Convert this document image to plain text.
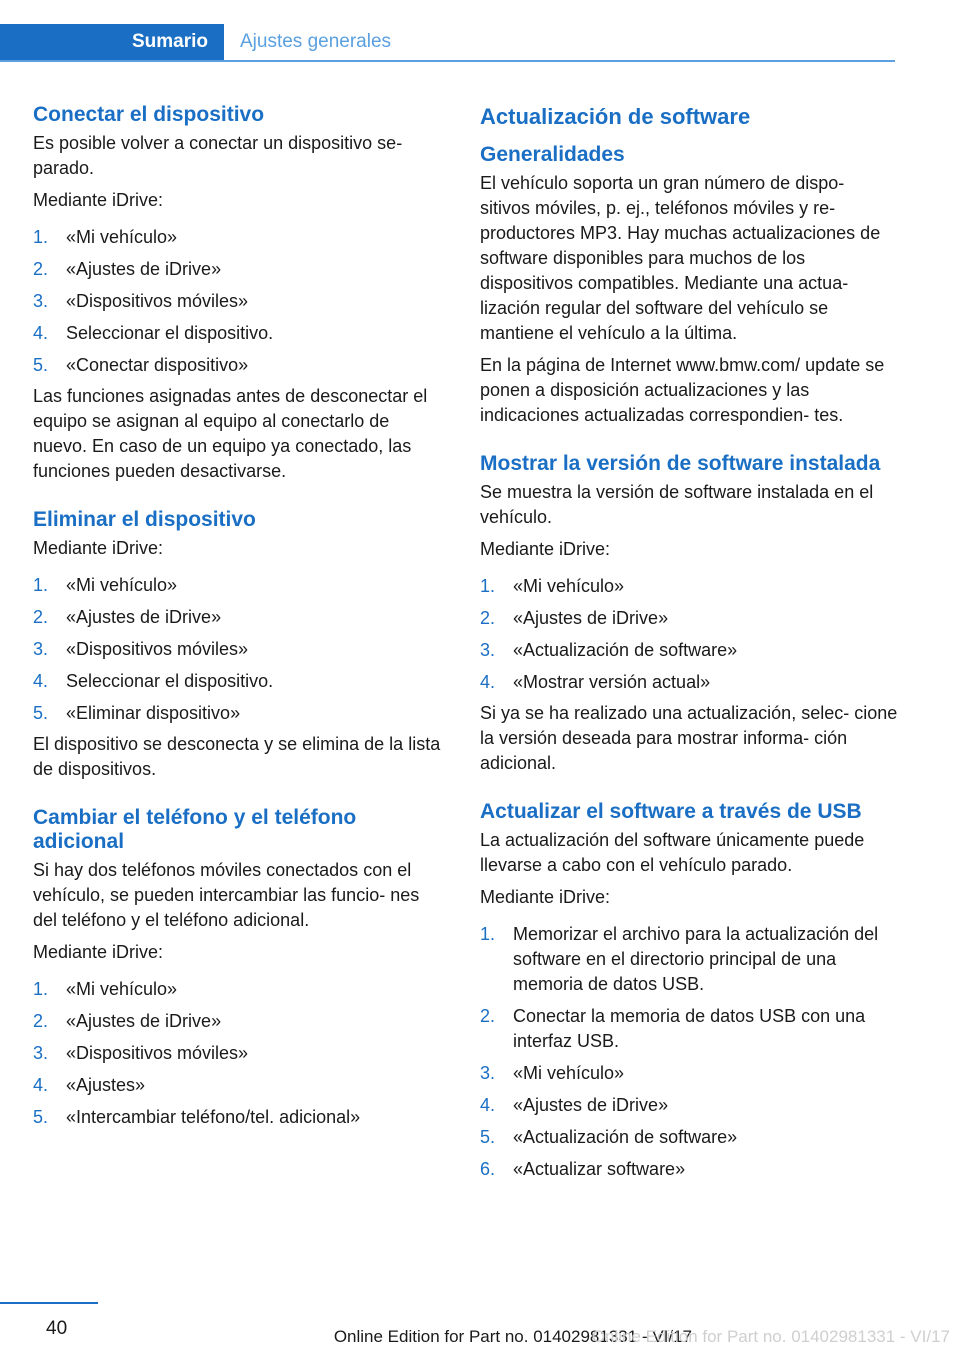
Sumario	Ajustes generales
Conectar el dispositivo

Es posible volver a conectar un dispositivo se‐ parado.

Mediante iDrive:

1. «Mi vehículo»
2. «Ajustes de iDrive»
3. «Dispositivos móviles»
4. Seleccionar el dispositivo.
5. «Conectar dispositivo»

Las funciones asignadas antes de desconectar el equipo se asignan al equipo al conectarlo de nuevo. En caso de un equipo ya conectado, las funciones pueden desactivarse.

Eliminar el dispositivo

Mediante iDrive:

1. «Mi vehículo»
2. «Ajustes de iDrive»
3. «Dispositivos móviles»
4. Seleccionar el dispositivo.
5. «Eliminar dispositivo»

El dispositivo se desconecta y se elimina de la lista de dispositivos.

Cambiar el teléfono y el teléfono adicional

Si hay dos teléfonos móviles conectados con el vehículo, se pueden intercambiar las funcio‐ nes del teléfono y el teléfono adicional.

Mediante iDrive:

1. «Mi vehículo»
2. «Ajustes de iDrive»
3. «Dispositivos móviles»
4. «Ajustes»
5. «Intercambiar teléfono/tel. adicional»
Actualización de software
Generalidades

El vehículo soporta un gran número de dispo‐ sitivos móviles, p. ej., teléfonos móviles y re‐ productores MP3. Hay muchas actualizaciones de software disponibles para muchos de los dispositivos compatibles. Mediante una actua‐ lización regular del software del vehículo se mantiene el vehículo a la última.

En la página de Internet www.bmw.com/ update se ponen a disposición actualizaciones y las indicaciones actualizadas correspondien‐ tes.

Mostrar la versión de software instalada

Se muestra la versión de software instalada en el vehículo.

Mediante iDrive:

1. «Mi vehículo»
2. «Ajustes de iDrive»
3. «Actualización de software»
4. «Mostrar versión actual»

Si ya se ha realizado una actualización, selec‐ cione la versión deseada para mostrar informa‐ ción adicional.

Actualizar el software a través de USB

La actualización del software únicamente puede llevarse a cabo con el vehículo parado.

Mediante iDrive:

1. Memorizar el archivo para la actualización del software en el directorio principal de una memoria de datos USB.
2. Conectar la memoria de datos USB con una interfaz USB.
3. «Mi vehículo»
4. «Ajustes de iDrive»
5. «Actualización de software»
6. «Actualizar software»
40	Online Edition for Part no. 01402981331 - VI/17
Online Edition for Part no. 01402981331 - VI/17
